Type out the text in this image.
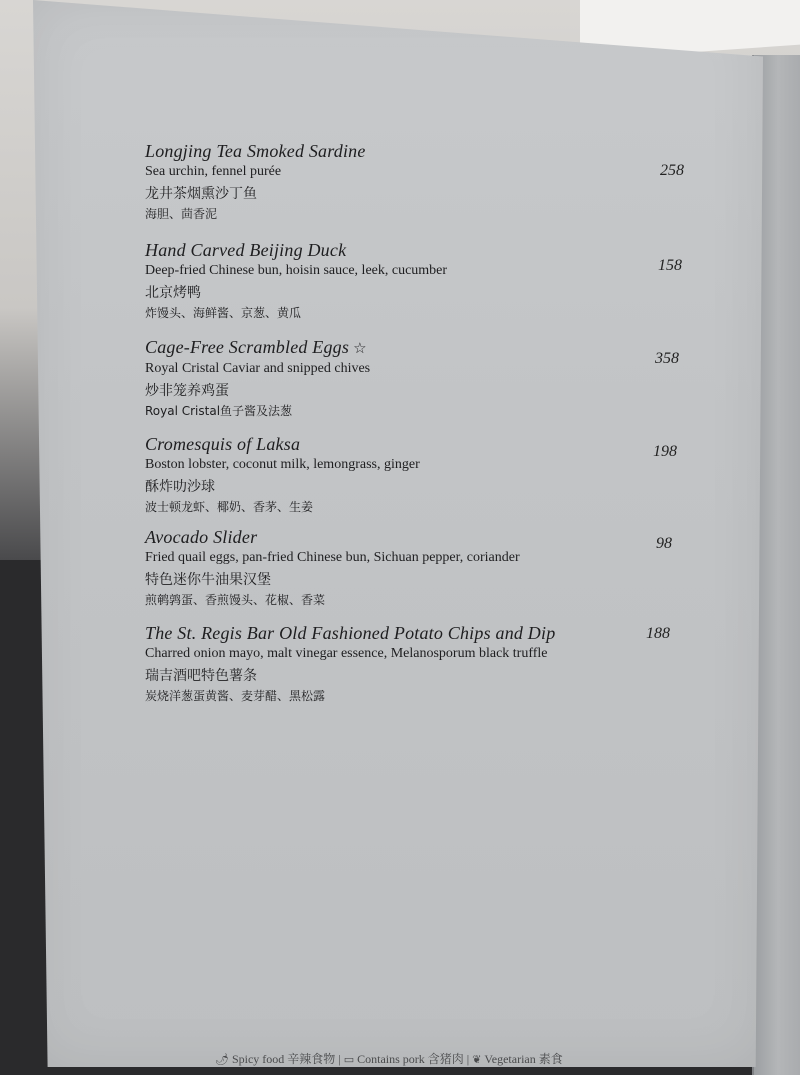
Longjing Tea Smoked Sardine
Sea urchin, fennel purée
龙井茶烟熏沙丁鱼
海胆、茴香泥
258
Hand Carved Beijing Duck
Deep-fried Chinese bun, hoisin sauce, leek, cucumber
北京烤鸭
炸馒头、海鲜酱、京葱、黄瓜
158
Cage-Free Scrambled Eggs ☆
Royal Cristal Caviar and snipped chives
炒非笼养鸡蛋
Royal Cristal鱼子酱及法葱
358
Cromesquis of Laksa
Boston lobster, coconut milk, lemongrass, ginger
酥炸叻沙球
波士顿龙虾、椰奶、香茅、生姜
198
Avocado Slider
Fried quail eggs, pan-fried Chinese bun, Sichuan pepper, coriander
特色迷你牛油果汉堡
煎鹌鹑蛋、香煎馒头、花椒、香菜
98
The St. Regis Bar Old Fashioned Potato Chips and Dip
Charred onion mayo, malt vinegar essence, Melanosporum black truffle
瑞吉酒吧特色薯条
炭烧洋葱蛋黄酱、麦芽醋、黑松露
188
🌶︎ Spicy food 辛辣食物 | ▭ Contains pork 含猪肉 | ❦ Vegetarian 素食
